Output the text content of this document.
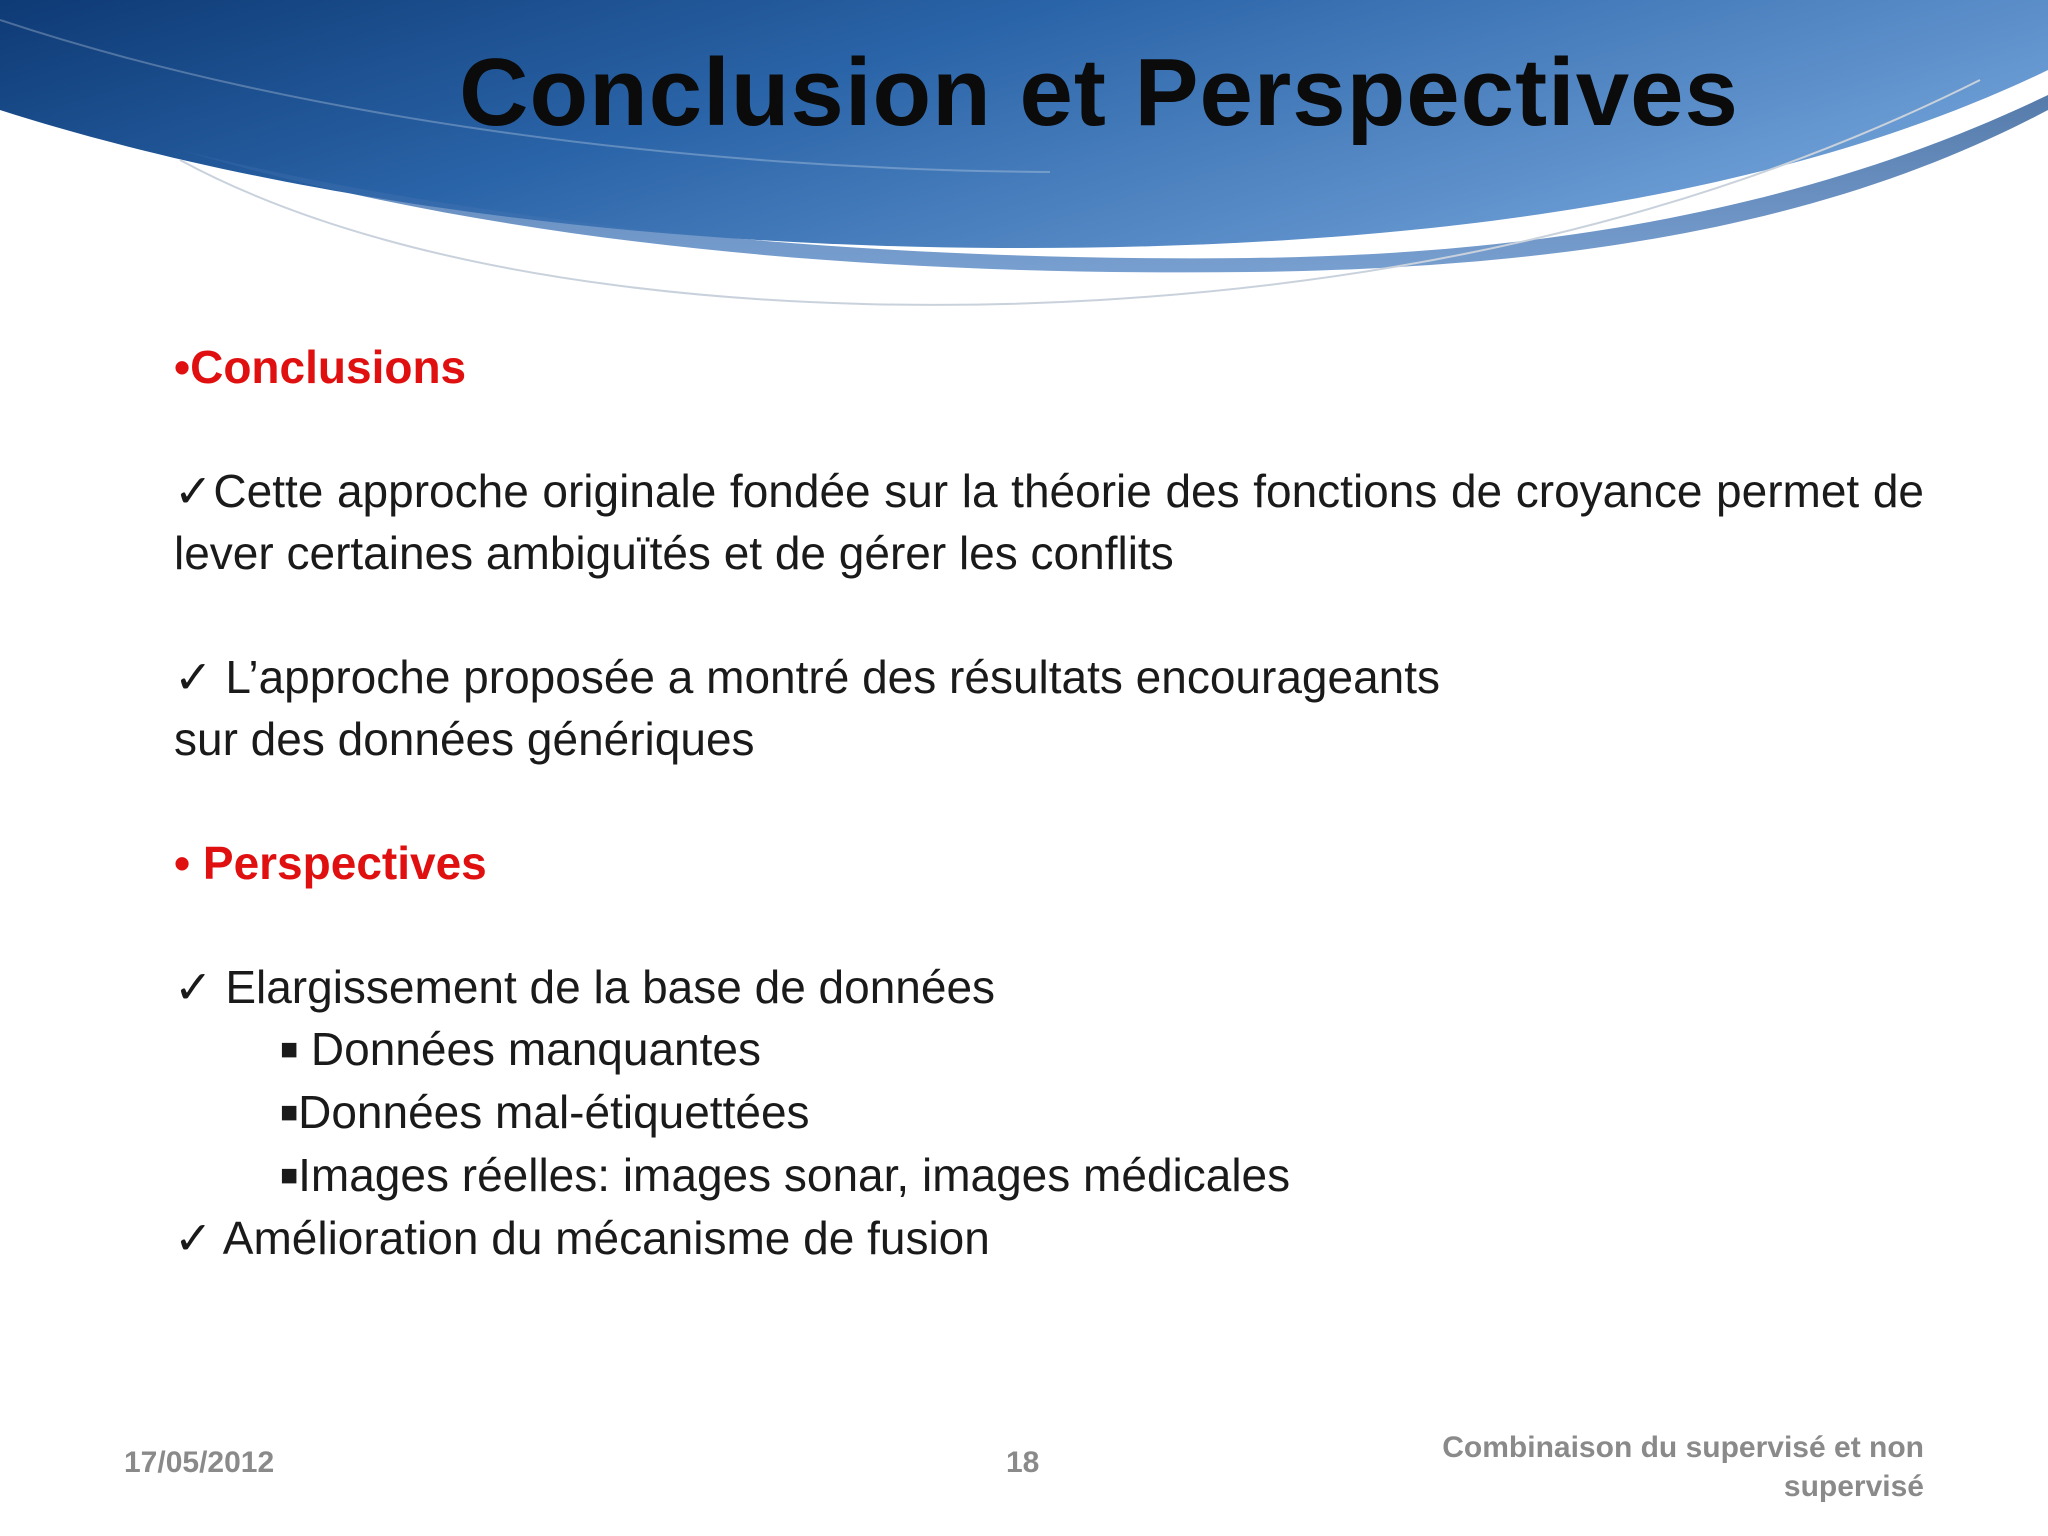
Conclusion et Perspectives

•Conclusions

✓Cette approche originale fondée sur la théorie des fonctions de croyance permet de lever certaines ambiguïtés et de gérer les conflits

✓ L’approche proposée a montré des résultats encourageants

sur des données génériques

• Perspectives

✓ Elargissement de la base de données

■ Données manquantes

■Données mal-étiquettées

■Images réelles: images sonar, images médicales

✓ Amélioration du mécanisme de fusion

17/05/2012	18	Combinaison du supervisé et non supervisé
